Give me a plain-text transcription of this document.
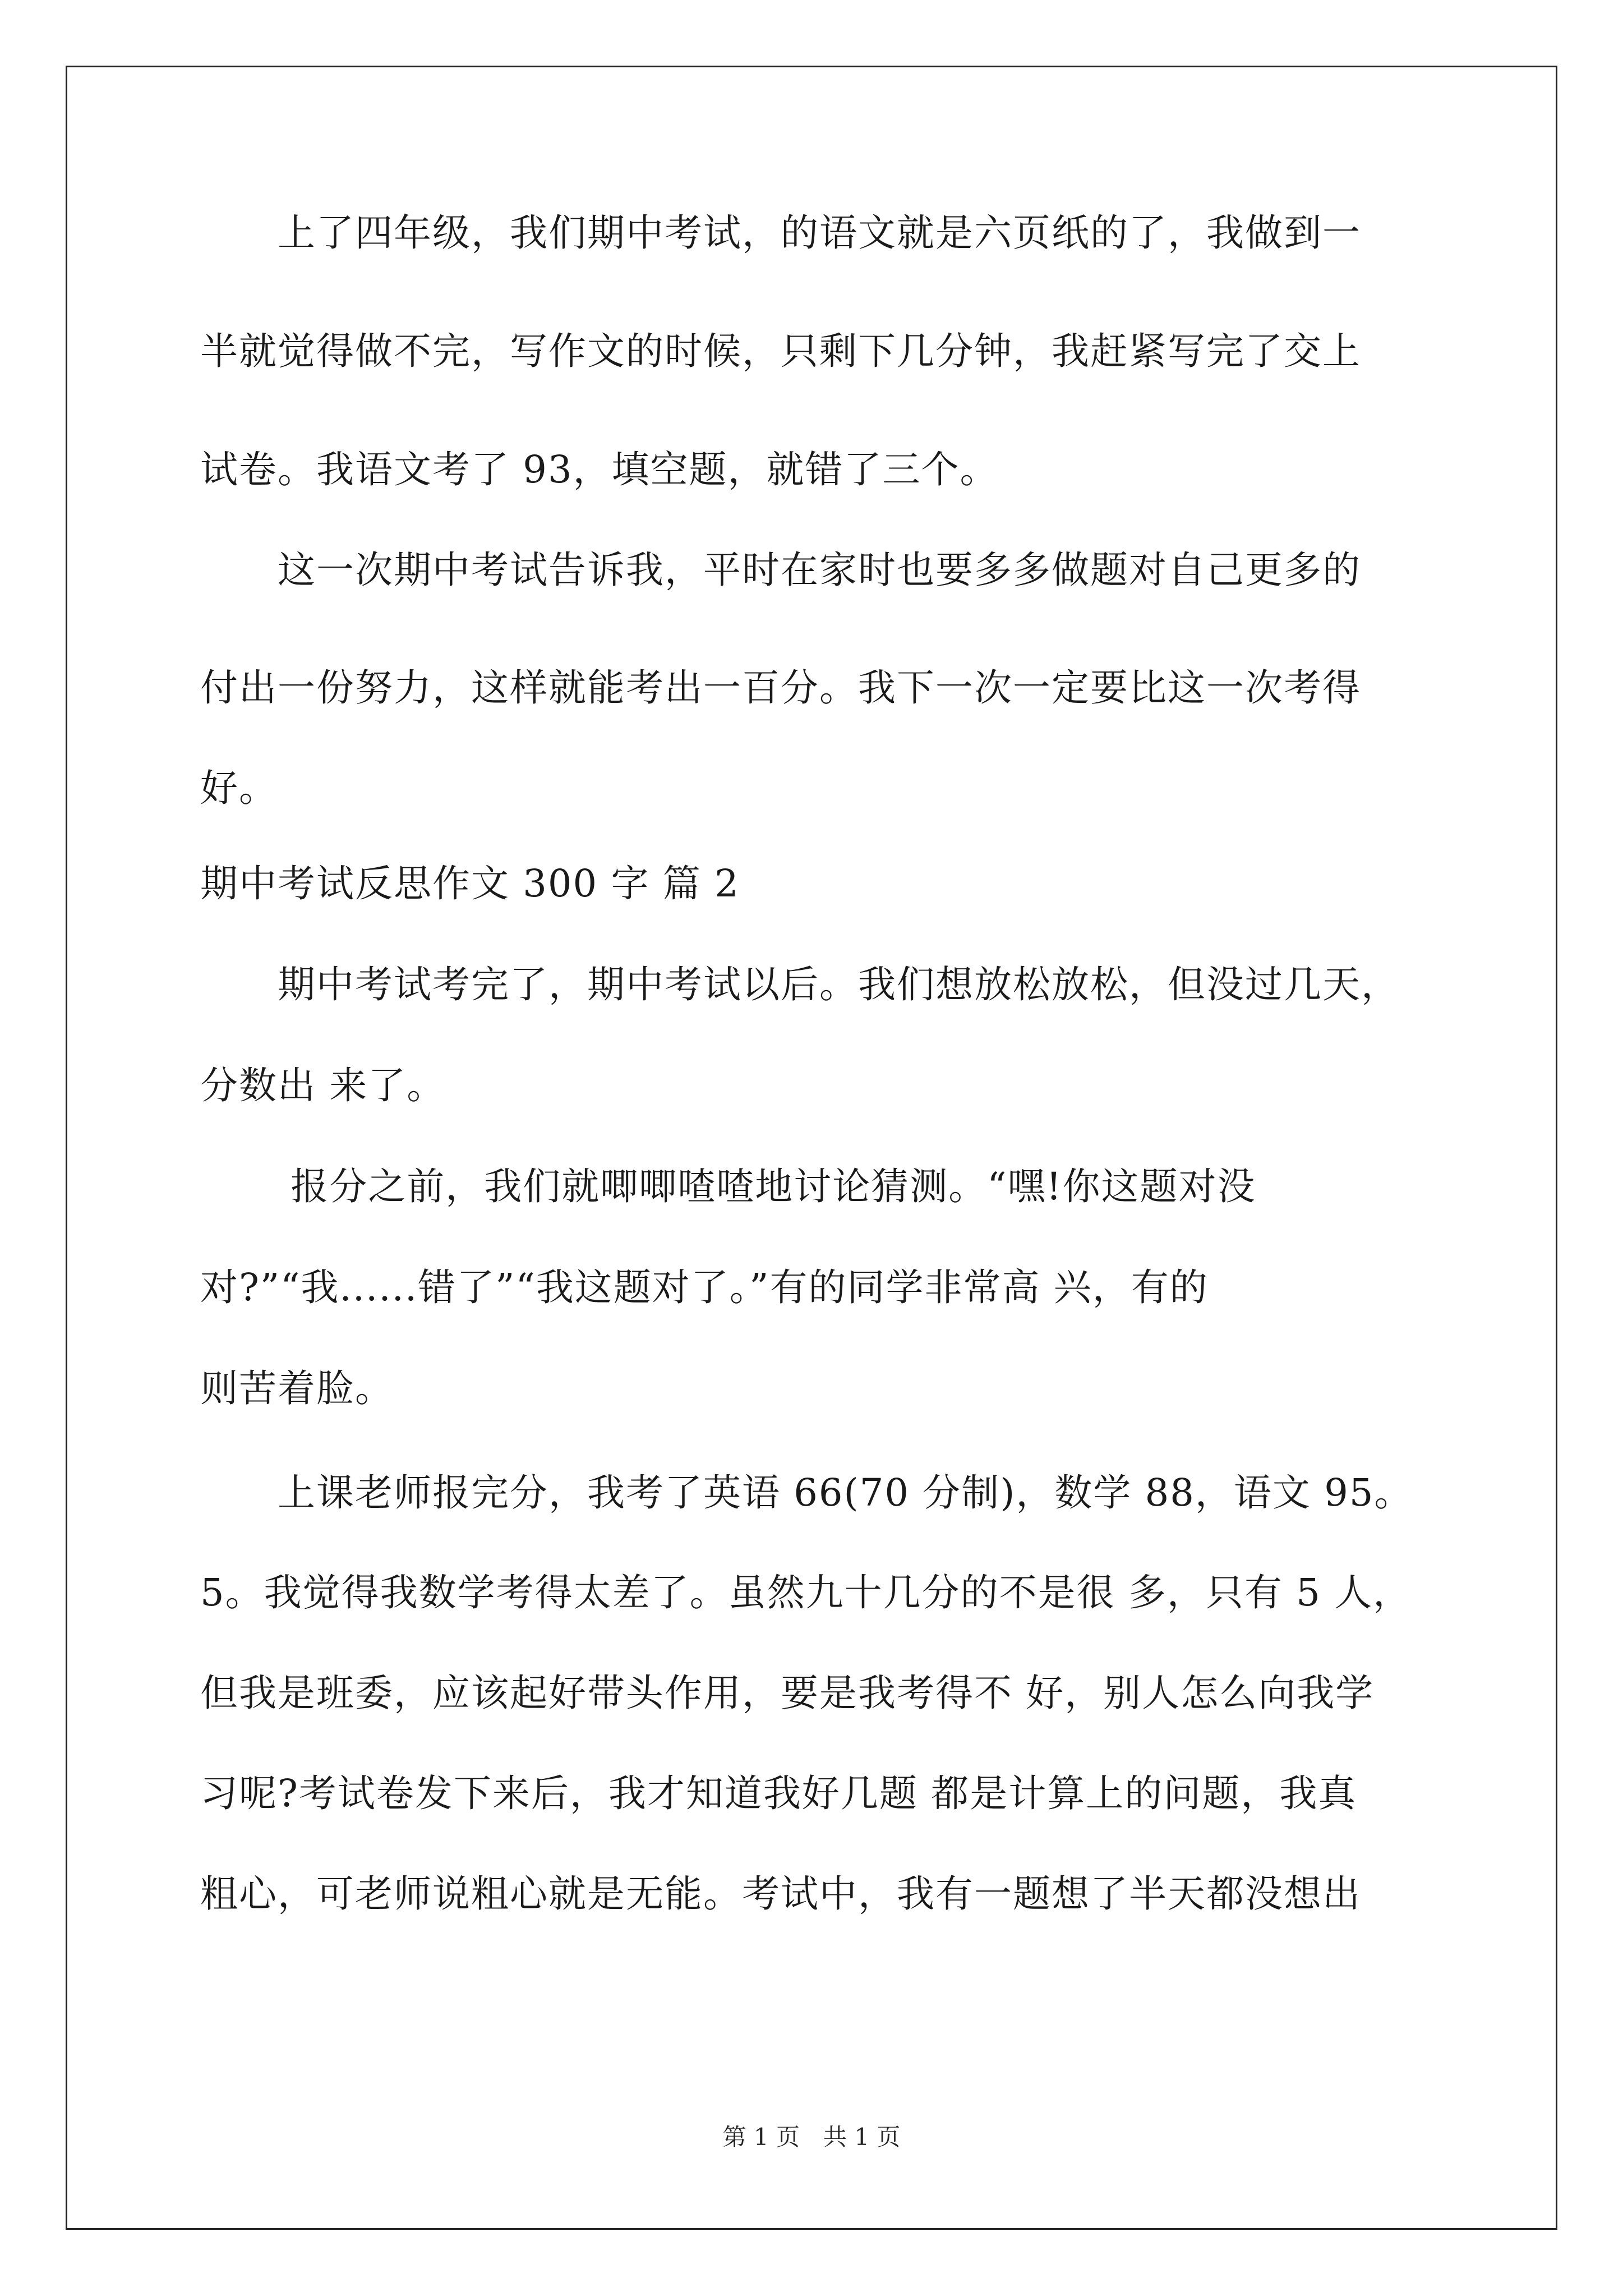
　　上了四年级，我们期中考试，的语文就是六页纸的了，我做到一
半就觉得做不完，写作文的时候，只剩下几分钟，我赶紧写完了交上
试卷。我语文考了 93，填空题，就错了三个。
　　这一次期中考试告诉我，平时在家时也要多多做题对自己更多的
付出一份努力，这样就能考出一百分。我下一次一定要比这一次考得
好。
期中考试反思作文 300 字 篇 2
　　期中考试考完了，期中考试以后。我们想放松放松，但没过几天，
分数出 来了。
　　 报分之前，我们就唧唧喳喳地讨论猜测。“嘿!你这题对没
对?”“我......错了”“我这题对了。”有的同学非常高 兴，有的
则苦着脸。
　　上课老师报完分，我考了英语 66(70 分制)，数学 88，语文 95。
5。我觉得我数学考得太差了。虽然九十几分的不是很 多，只有 5 人，
但我是班委，应该起好带头作用，要是我考得不 好，别人怎么向我学
习呢?考试卷发下来后，我才知道我好几题 都是计算上的问题，我真
粗心，可老师说粗心就是无能。考试中，我有一题想了半天都没想出
第 1 页　共 1 页
